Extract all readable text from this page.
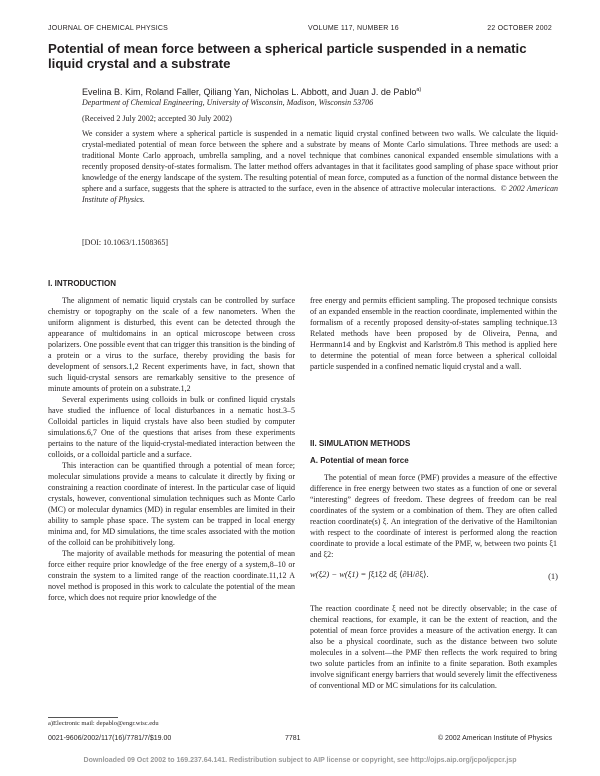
JOURNAL OF CHEMICAL PHYSICS	VOLUME 117, NUMBER 16	22 OCTOBER 2002
Potential of mean force between a spherical particle suspended in a nematic liquid crystal and a substrate
Evelina B. Kim, Roland Faller, Qiliang Yan, Nicholas L. Abbott, and Juan J. de Pablo$^{a)}$
Department of Chemical Engineering, University of Wisconsin, Madison, Wisconsin 53706
(Received 2 July 2002; accepted 30 July 2002)
We consider a system where a spherical particle is suspended in a nematic liquid crystal confined between two walls. We calculate the liquid-crystal-mediated potential of mean force between the sphere and a substrate by means of Monte Carlo simulations. Three methods are used: a traditional Monte Carlo approach, umbrella sampling, and a novel technique that combines canonical expanded ensemble simulations with a recently proposed density-of-states formalism. The latter method offers advantages in that it facilitates good sampling of phase space without prior knowledge of the energy landscape of the system. The resulting potential of mean force, computed as a function of the normal distance between the sphere and a surface, suggests that the sphere is attracted to the surface, even in the absence of attractive molecular interactions. © 2002 American Institute of Physics.
[DOI: 10.1063/1.1508365]
I. INTRODUCTION

The alignment of nematic liquid crystals can be controlled by surface chemistry or topography on the scale of a few nanometers. When the uniform alignment is disturbed, this event can be detected through the appearance of multidomains in an optical microscope between cross polarizers. One possible event that can trigger this transition is the binding of a protein or a virus to the surface, thereby providing the basis for development of sensors.1,2 Recent experiments have, in fact, shown that such liquid-crystal sensors are remarkably sensitive to the presence of minute amounts of protein on a substrate.1,2

Several experiments using colloids in bulk or confined liquid crystals have studied the influence of local disturbances in a nematic host.3–5 Colloidal particles in liquid crystals have also been studied by computer simulations.6,7 One of the questions that arises from these experiments pertains to the nature of the liquid-crystal-mediated interaction between the colloids, or a colloidal particle and a surface.

This interaction can be quantified through a potential of mean force; molecular simulations provide a means to calculate it directly by fixing or constraining a reaction coordinate of interest. In the particular case of liquid crystals, however, conventional simulation techniques such as Monte Carlo (MC) or molecular dynamics (MD) in regular ensembles are limited in their ability to sample phase space. The system can be trapped in local energy minima and, for MD simulations, the time scales associated with the motion of the colloid can be prohibitively long.

The majority of available methods for measuring the potential of mean force either require prior knowledge of the free energy of a system,8–10 or constrain the system to a limited range of the reaction coordinate.11,12 A novel method is proposed in this work to calculate the potential of the mean force, which does not require prior knowledge of the

free energy and permits efficient sampling. The proposed technique consists of an expanded ensemble in the reaction coordinate, implemented within the formalism of a recently proposed density-of-states sampling technique.13 Related methods have been proposed by de Oliveira, Penna, and Herrmann14 and by Engkvist and Karlström.8 This method is applied here to determine the potential of mean force between a spherical colloidal particle suspended in a confined nematic liquid crystal and a wall.

II. SIMULATION METHODS
A. Potential of mean force

The potential of mean force (PMF) provides a measure of the effective difference in free energy between two states as a function of one or several “interesting” degrees of freedom. These degrees of freedom can be real coordinates of the system or a combination of them. They are often called reaction coordinate(s) ξ. An integration of the derivative of the Hamiltonian with respect to the coordinate of interest is performed along the reaction coordinate to provide a local estimate of the PMF, w, between two points ξ1 and ξ2:

w(ξ2) − w(ξ1) = ∫ξ1ξ2 dξ ⟨∂H/∂ξ⟩.	(1)

The reaction coordinate ξ need not be directly observable; in the case of chemical reactions, for example, it can be the extent of reaction, and the potential of mean force provides a measure of the activation energy. It can also be a physical coordinate, such as the distance between two solute molecules in a solvent—the PMF then reflects the work required to bring two solute particles from an infinite to a finite separation. Both examples involve significant energy barriers that would severely limit the effectiveness of conventional MD or MC simulations for its calculation.

a)Electronic mail: depablo@engr.wisc.edu
0021-9606/2002/117(16)/7781/7/$19.00	7781	© 2002 American Institute of Physics
Downloaded 09 Oct 2002 to 169.237.64.141. Redistribution subject to AIP license or copyright, see http://ojps.aip.org/jcpo/jcpcr.jsp
